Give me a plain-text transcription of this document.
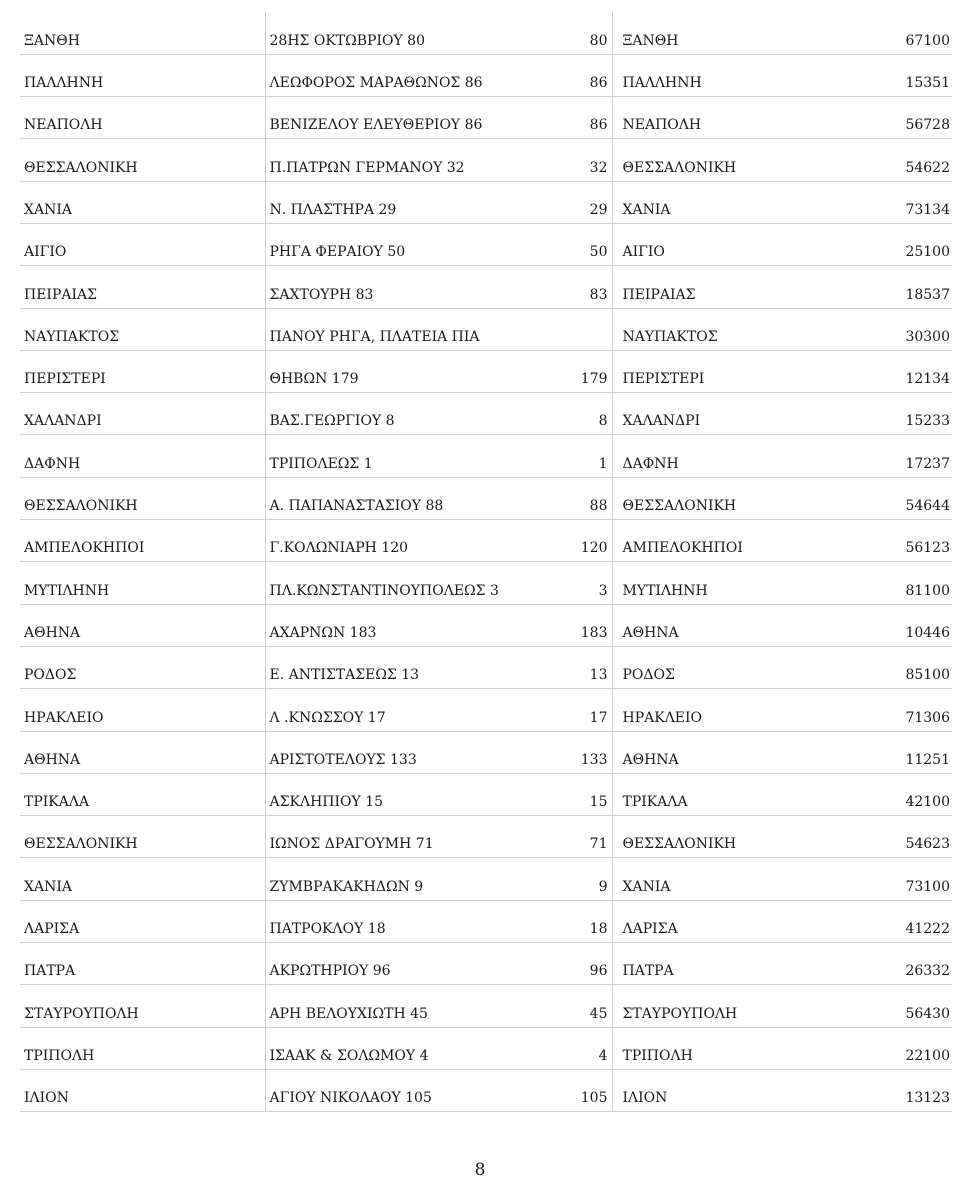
ΞΑΝΘΗ	28ΗΣ ΟΚΤΩΒΡΙΟΥ 80	80	ΞΑΝΘΗ	67100
ΠΑΛΛΗΝΗ	ΛΕΩΦΟΡΟΣ ΜΑΡΑΘΩΝΟΣ 86	86	ΠΑΛΛΗΝΗ	15351
ΝΕΑΠΟΛΗ	ΒΕΝΙΖΕΛΟΥ ΕΛΕΥΘΕΡΙΟΥ 86	86	ΝΕΑΠΟΛΗ	56728
ΘΕΣΣΑΛΟΝΙΚΗ	Π.ΠΑΤΡΩΝ ΓΕΡΜΑΝΟΥ 32	32	ΘΕΣΣΑΛΟΝΙΚΗ	54622
ΧΑΝΙΑ	Ν. ΠΛΑΣΤΗΡΑ 29	29	ΧΑΝΙΑ	73134
ΑΙΓΙΟ	ΡΗΓΑ ΦΕΡΑΙΟΥ 50	50	ΑΙΓΙΟ	25100
ΠΕΙΡΑΙΑΣ	ΣΑΧΤΟΥΡΗ 83	83	ΠΕΙΡΑΙΑΣ	18537
ΝΑΥΠΑΚΤΟΣ	ΠΑΝΟΥ ΡΗΓΑ, ΠΛΑΤΕΙΑ ΠΙΑ		ΝΑΥΠΑΚΤΟΣ	30300
ΠΕΡΙΣΤΕΡΙ	ΘΗΒΩΝ 179	179	ΠΕΡΙΣΤΕΡΙ	12134
ΧΑΛΑΝΔΡΙ	ΒΑΣ.ΓΕΩΡΓΙΟΥ 8	8	ΧΑΛΑΝΔΡΙ	15233
ΔΑΦΝΗ	ΤΡΙΠΟΛΕΩΣ 1	1	ΔΑΦΝΗ	17237
ΘΕΣΣΑΛΟΝΙΚΗ	Α. ΠΑΠΑΝΑΣΤΑΣΙΟΥ 88	88	ΘΕΣΣΑΛΟΝΙΚΗ	54644
ΑΜΠΕΛΟΚΗΠΟΙ	Γ.ΚΟΛΩΝΙΑΡΗ 120	120	ΑΜΠΕΛΟΚΗΠΟΙ	56123
ΜΥΤΙΛΗΝΗ	ΠΛ.ΚΩΝΣΤΑΝΤΙΝΟΥΠΟΛΕΩΣ 3	3	ΜΥΤΙΛΗΝΗ	81100
ΑΘΗΝΑ	ΑΧΑΡΝΩΝ 183	183	ΑΘΗΝΑ	10446
ΡΟΔΟΣ	Ε. ΑΝΤΙΣΤΑΣΕΩΣ 13	13	ΡΟΔΟΣ	85100
ΗΡΑΚΛΕΙΟ	Λ .ΚΝΩΣΣΟΥ 17	17	ΗΡΑΚΛΕΙΟ	71306
ΑΘΗΝΑ	ΑΡΙΣΤΟΤΕΛΟΥΣ 133	133	ΑΘΗΝΑ	11251
ΤΡΙΚΑΛΑ	ΑΣΚΛΗΠΙΟΥ 15	15	ΤΡΙΚΑΛΑ	42100
ΘΕΣΣΑΛΟΝΙΚΗ	ΙΩΝΟΣ ΔΡΑΓΟΥΜΗ 71	71	ΘΕΣΣΑΛΟΝΙΚΗ	54623
ΧΑΝΙΑ	ΖΥΜΒΡΑΚΑΚΗΔΩΝ 9	9	ΧΑΝΙΑ	73100
ΛΑΡΙΣΑ	ΠΑΤΡΟΚΛΟΥ 18	18	ΛΑΡΙΣΑ	41222
ΠΑΤΡΑ	ΑΚΡΩΤΗΡΙΟΥ 96	96	ΠΑΤΡΑ	26332
ΣΤΑΥΡΟΥΠΟΛΗ	ΑΡΗ ΒΕΛΟΥΧΙΩΤΗ 45	45	ΣΤΑΥΡΟΥΠΟΛΗ	56430
ΤΡΙΠΟΛΗ	ΙΣΑΑΚ & ΣΟΛΩΜΟΥ 4	4	ΤΡΙΠΟΛΗ	22100
ΙΛΙΟΝ	ΑΓΙΟΥ ΝΙΚΟΛΑΟΥ 105	105	ΙΛΙΟΝ	13123
8
